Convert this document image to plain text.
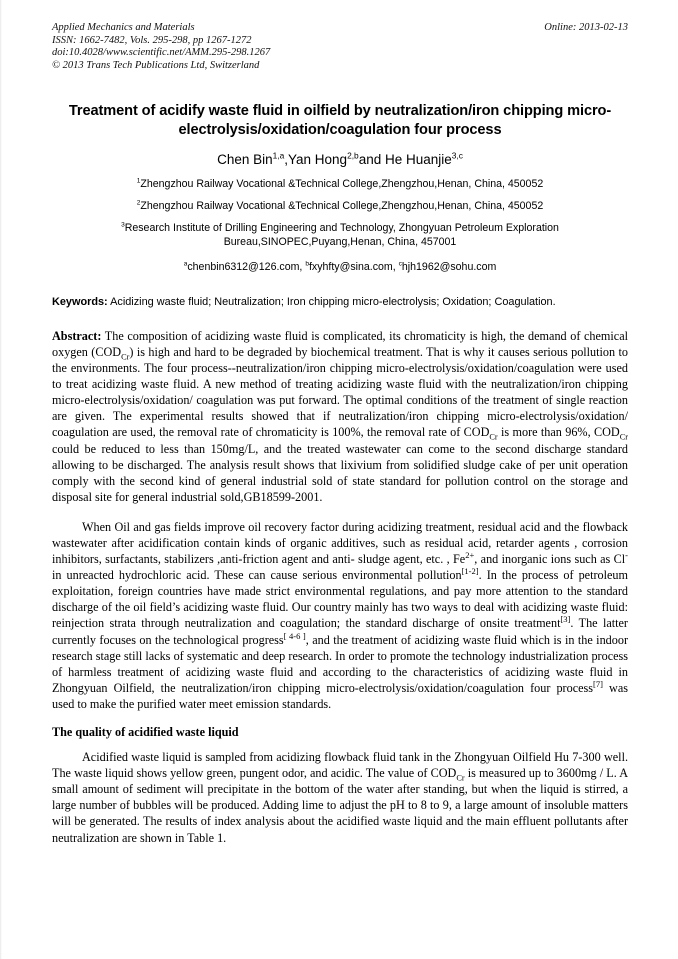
Applied Mechanics and Materials
ISSN: 1662-7482, Vols. 295-298, pp 1267-1272
doi:10.4028/www.scientific.net/AMM.295-298.1267
© 2013 Trans Tech Publications Ltd, Switzerland
Online: 2013-02-13
Treatment of acidify waste fluid in oilfield by neutralization/iron chipping micro-electrolysis/oxidation/coagulation four process
Chen Bin$^{1,a}$,Yan Hong$^{2,b}$and He Huanjie$^{3,c}$
$^1$Zhengzhou Railway Vocational &Technical College,Zhengzhou,Henan, China, 450052
$^2$Zhengzhou Railway Vocational &Technical College,Zhengzhou,Henan, China, 450052
$^3$Research Institute of Drilling Engineering and Technology, Zhongyuan Petroleum Exploration Bureau,SINOPEC,Puyang,Henan, China, 457001
$^a$chenbin6312@126.com, $^b$fxyhfty@sina.com, $^c$hjh1962@sohu.com
Keywords: Acidizing waste fluid; Neutralization; Iron chipping micro-electrolysis; Oxidation; Coagulation.
Abstract: The composition of acidizing waste fluid is complicated, its chromaticity is high, the demand of chemical oxygen $(COD_{Cr})$ is high and hard to be degraded by biochemical treatment. That is why it causes serious pollution to the environments. The four process--neutralization/iron chipping micro-electrolysis/oxidation/coagulation were used to treat acidizing waste fluid. A new method of treating acidizing waste fluid with the neutralization/iron chipping micro-electrolysis/oxidation/ coagulation was put forward. The optimal conditions of the treatment of single reaction are given. The experimental results showed that if neutralization/iron chipping micro-electrolysis/oxidation/ coagulation are used, the removal rate of chromaticity is 100%, the removal rate of $COD_{Cr}$ is more than 96%, $COD_{Cr}$ could be reduced to less than 150mg/L, and the treated wastewater can come to the second discharge standard allowing to be discharged. The analysis result shows that lixivium from solidified sludge cake of per unit operation comply with the second kind of general industrial sold of state standard for pollution control on the storage and disposal site for general industrial sold,GB18599-2001.

When Oil and gas fields improve oil recovery factor during acidizing treatment, residual acid and the flowback wastewater after acidification contain kinds of organic additives, such as residual acid, retarder agents , corrosion inhibitors, surfactants, stabilizers ,anti-friction agent and anti- sludge agent, etc. , Fe$^{2+}$, and inorganic ions such as Cl- in unreacted hydrochloric acid. These can cause serious environmental pollution[1-2]. In the process of petroleum exploitation, foreign countries have made strict environmental regulations, and pay more attention to the standard discharge of the oil field’s acidizing waste fluid. Our country mainly has two ways to deal with acidizing waste fluid: reinjection strata through neutralization and coagulation; the standard discharge of onsite treatment[3]. The latter currently focuses on the technological progress[ 4-6 ], and the treatment of acidizing waste fluid which is in the indoor research stage still lacks of systematic and deep research. In order to promote the technology industrialization process of harmless treatment of acidizing waste fluid and according to the characteristics of acidizing waste fluid in Zhongyuan Oilfield, the neutralization/iron chipping micro-electrolysis/oxidation/coagulation four process[7] was used to make the purified water meet emission standards.

The quality of acidified waste liquid

Acidified waste liquid is sampled from acidizing flowback fluid tank in the Zhongyuan Oilfield Hu 7-300 well. The waste liquid shows yellow green, pungent odor, and acidic. The value of $COD_{Cr}$ is measured up to 3600mg / L. A small amount of sediment will precipitate in the bottom of the water after standing, but when the liquid is stirred, a large number of bubbles will be produced. Adding lime to adjust the pH to 8 to 9, a large amount of insoluble matters will be generated. The results of index analysis about the acidified waste liquid and the main effluent pollutants after neutralization are shown in Table 1.
